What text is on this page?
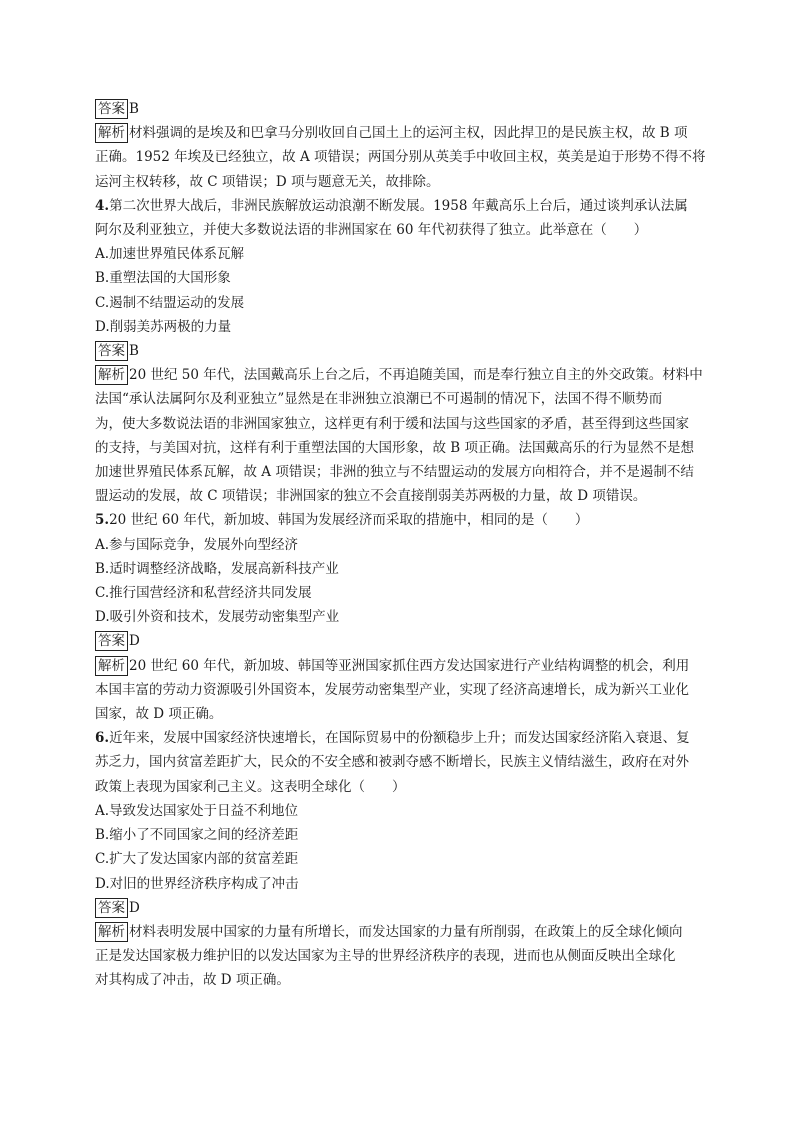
答案 B
解析 材料强调的是埃及和巴拿马分别收回自己国土上的运河主权，因此捍卫的是民族主权，故 B 项
正确。1952 年埃及已经独立，故 A 项错误；两国分别从英美手中收回主权，英美是迫于形势不得不将
运河主权转移，故 C 项错误；D 项与题意无关，故排除。
4.第二次世界大战后，非洲民族解放运动浪潮不断发展。1958 年戴高乐上台后，通过谈判承认法属
阿尔及利亚独立，并使大多数说法语的非洲国家在 60 年代初获得了独立。此举意在（　　）
A.加速世界殖民体系瓦解
B.重塑法国的大国形象
C.遏制不结盟运动的发展
D.削弱美苏两极的力量
答案 B
解析 20 世纪 50 年代，法国戴高乐上台之后，不再追随美国，而是奉行独立自主的外交政策。材料中
法国“承认法属阿尔及利亚独立”显然是在非洲独立浪潮已不可遏制的情况下，法国不得不顺势而
为，使大多数说法语的非洲国家独立，这样更有利于缓和法国与这些国家的矛盾，甚至得到这些国家
的支持，与美国对抗，这样有利于重塑法国的大国形象，故 B 项正确。法国戴高乐的行为显然不是想
加速世界殖民体系瓦解，故 A 项错误；非洲的独立与不结盟运动的发展方向相符合，并不是遏制不结
盟运动的发展，故 C 项错误；非洲国家的独立不会直接削弱美苏两极的力量，故 D 项错误。
5.20 世纪 60 年代，新加坡、韩国为发展经济而采取的措施中，相同的是（　　）
A.参与国际竞争，发展外向型经济
B.适时调整经济战略，发展高新科技产业
C.推行国营经济和私营经济共同发展
D.吸引外资和技术，发展劳动密集型产业
答案 D
解析 20 世纪 60 年代，新加坡、韩国等亚洲国家抓住西方发达国家进行产业结构调整的机会，利用
本国丰富的劳动力资源吸引外国资本，发展劳动密集型产业，实现了经济高速增长，成为新兴工业化
国家，故 D 项正确。
6.近年来，发展中国家经济快速增长，在国际贸易中的份额稳步上升；而发达国家经济陷入衰退、复
苏乏力，国内贫富差距扩大，民众的不安全感和被剥夺感不断增长，民族主义情结滋生，政府在对外
政策上表现为国家利己主义。这表明全球化（　　）
A.导致发达国家处于日益不利地位
B.缩小了不同国家之间的经济差距
C.扩大了发达国家内部的贫富差距
D.对旧的世界经济秩序构成了冲击
答案 D
解析 材料表明发展中国家的力量有所增长，而发达国家的力量有所削弱，在政策上的反全球化倾向
正是发达国家极力维护旧的以发达国家为主导的世界经济秩序的表现，进而也从侧面反映出全球化
对其构成了冲击，故 D 项正确。
